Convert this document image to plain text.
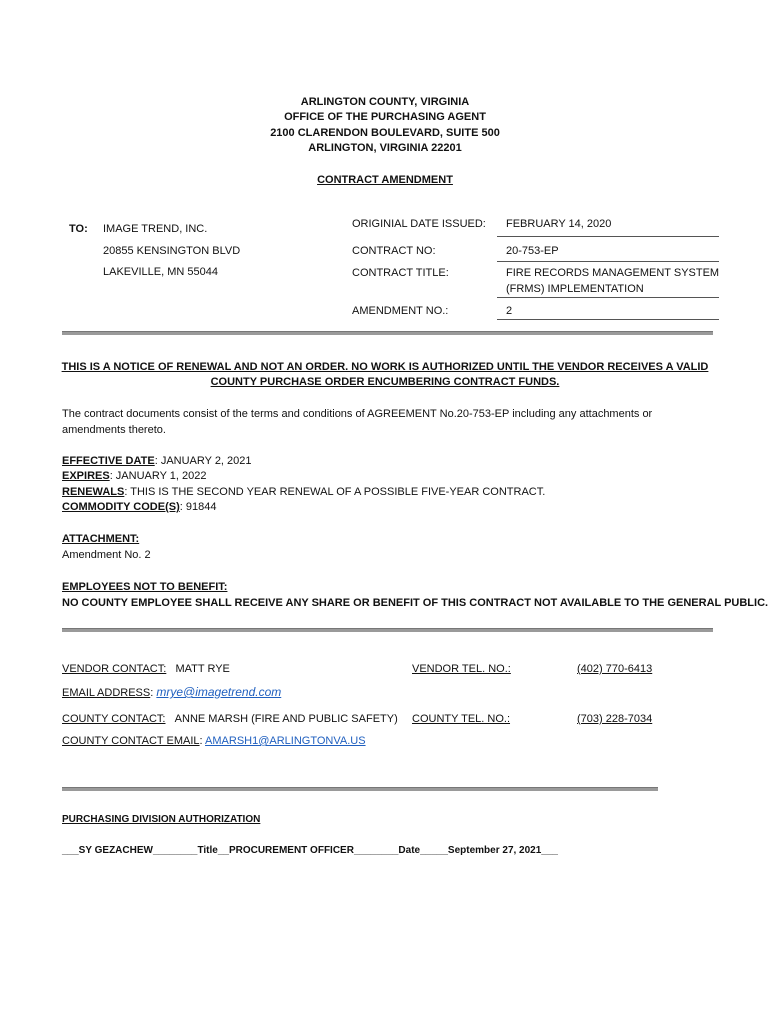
ARLINGTON COUNTY, VIRGINIA
OFFICE OF THE PURCHASING AGENT
2100 CLARENDON BOULEVARD, SUITE 500
ARLINGTON, VIRGINIA 22201
CONTRACT AMENDMENT
TO: IMAGE TREND, INC.
20855 KENSINGTON BLVD
LAKEVILLE, MN 55044
ORIGINIAL DATE ISSUED: FEBRUARY 14, 2020
CONTRACT NO:	20-753-EP
CONTRACT TITLE:	FIRE RECORDS MANAGEMENT SYSTEM
(FRMS) IMPLEMENTATION
AMENDMENT NO.:	2
THIS IS A NOTICE OF RENEWAL AND NOT AN ORDER. NO WORK IS AUTHORIZED UNTIL THE VENDOR RECEIVES A VALID
COUNTY PURCHASE ORDER ENCUMBERING CONTRACT FUNDS.
The contract documents consist of the terms and conditions of AGREEMENT No.20-753-EP including any attachments or
amendments thereto.
EFFECTIVE DATE: JANUARY 2, 2021
EXPIRES: JANUARY 1, 2022
RENEWALS: THIS IS THE SECOND YEAR RENEWAL OF A POSSIBLE FIVE-YEAR CONTRACT.
COMMODITY CODE(S): 91844
ATTACHMENT:
Amendment No. 2
EMPLOYEES NOT TO BENEFIT:
NO COUNTY EMPLOYEE SHALL RECEIVE ANY SHARE OR BENEFIT OF THIS CONTRACT NOT AVAILABLE TO THE GENERAL PUBLIC.
VENDOR CONTACT: MATT RYE	VENDOR TEL. NO.:	(402) 770-6413
EMAIL ADDRESS: mrye@imagetrend.com
COUNTY CONTACT: ANNE MARSH (FIRE AND PUBLIC SAFETY) COUNTY TEL. NO.:	(703) 228-7034
COUNTY CONTACT EMAIL: AMARSH1@ARLINGTONVA.US
PURCHASING DIVISION AUTHORIZATION
___SY GEZACHEW________Title__PROCUREMENT OFFICER________Date_____September 27, 2021___
